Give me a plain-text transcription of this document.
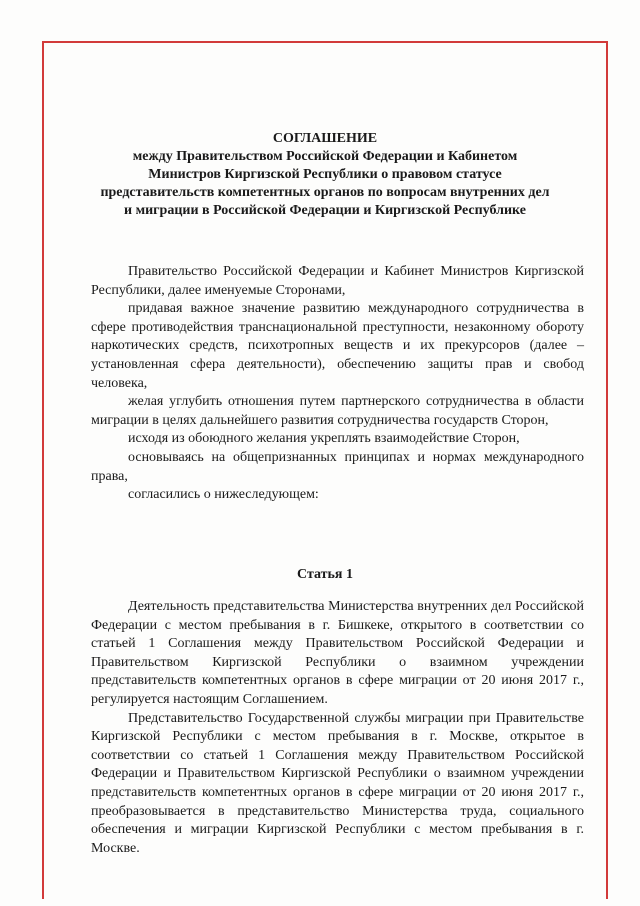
СОГЛАШЕНИЕ
между Правительством Российской Федерации и Кабинетом
Министров Киргизской Республики о правовом статусе
представительств компетентных органов по вопросам внутренних дел
и миграции в Российской Федерации и Киргизской Республике

Правительство Российской Федерации и Кабинет Министров Киргизской Республики, далее именуемые Сторонами,

придавая важное значение развитию международного сотрудничества в сфере противодействия транснациональной преступности, незаконному обороту наркотических средств, психотропных веществ и их прекурсоров (далее – установленная сфера деятельности), обеспечению защиты прав и свобод человека,

желая углубить отношения путем партнерского сотрудничества в области миграции в целях дальнейшего развития сотрудничества государств Сторон,

исходя из обоюдного желания укреплять взаимодействие Сторон,

основываясь на общепризнанных принципах и нормах международного права,

согласились о нижеследующем:

Статья 1

Деятельность представительства Министерства внутренних дел Российской Федерации с местом пребывания в г. Бишкеке, открытого в соответствии со статьей 1 Соглашения между Правительством Российской Федерации и Правительством Киргизской Республики о взаимном учреждении представительств компетентных органов в сфере миграции от 20 июня 2017 г., регулируется настоящим Соглашением.

Представительство Государственной службы миграции при Правительстве Киргизской Республики с местом пребывания в г. Москве, открытое в соответствии со статьей 1 Соглашения между Правительством Российской Федерации и Правительством Киргизской Республики о взаимном учреждении представительств компетентных органов в сфере миграции от 20 июня 2017 г., преобразовывается в представительство Министерства труда, социального обеспечения и миграции Киргизской Республики с местом пребывания в г. Москве.
